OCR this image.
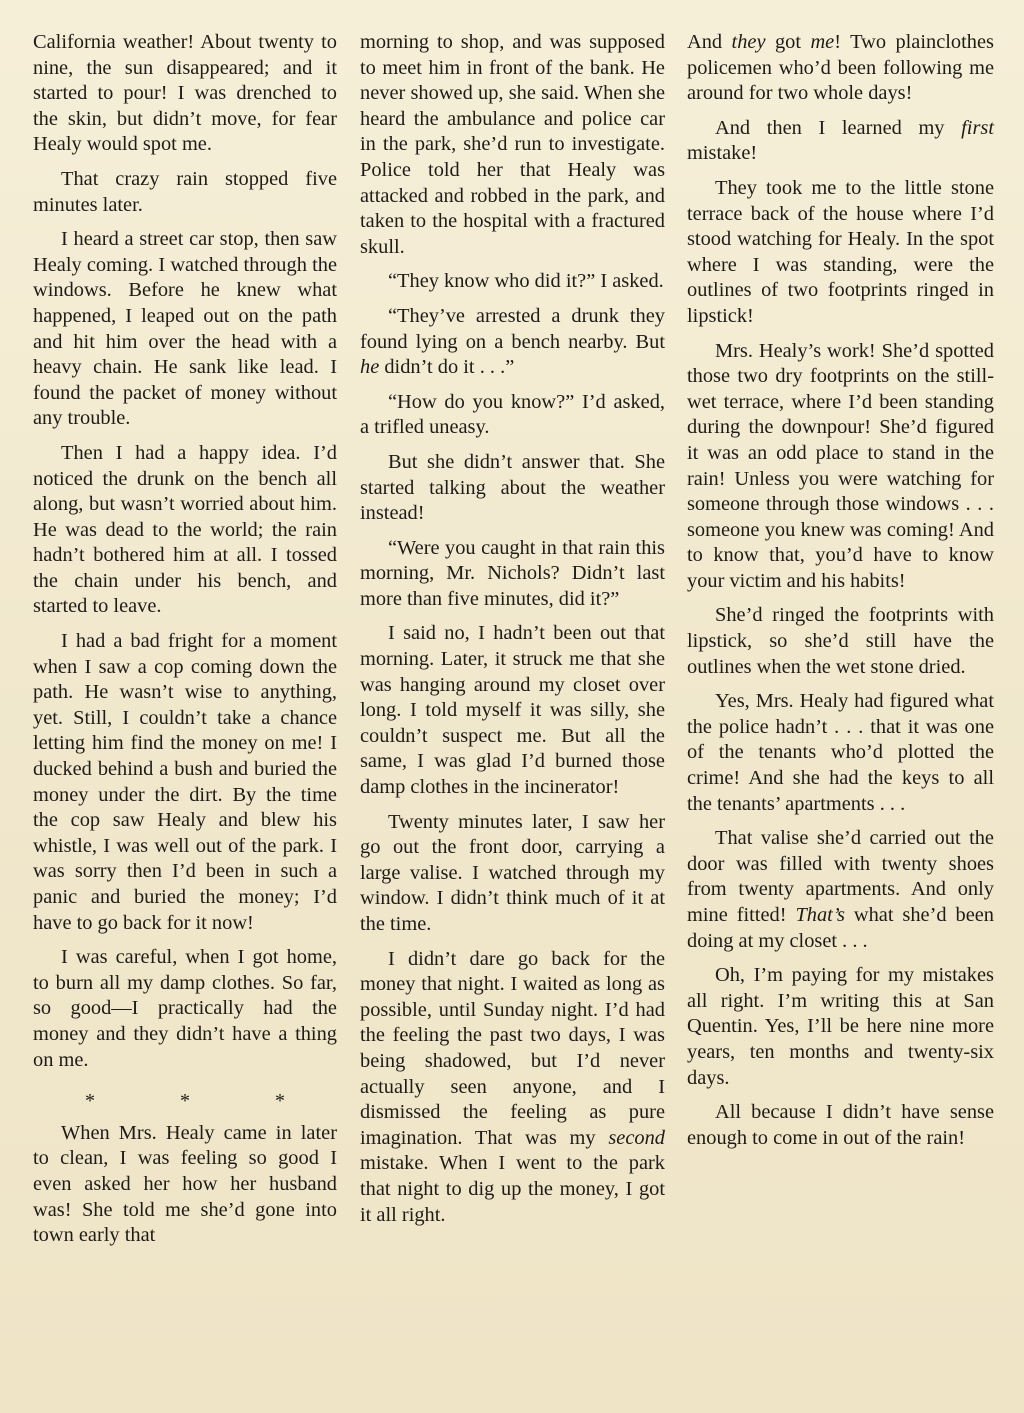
California weather! About twenty to nine, the sun disappeared; and it started to pour! I was drenched to the skin, but didn’t move, for fear Healy would spot me.

That crazy rain stopped five minutes later.

I heard a street car stop, then saw Healy coming. I watched through the windows. Before he knew what happened, I leaped out on the path and hit him over the head with a heavy chain. He sank like lead. I found the packet of money without any trouble.

Then I had a happy idea. I’d noticed the drunk on the bench all along, but wasn’t worried about him. He was dead to the world; the rain hadn’t bothered him at all. I tossed the chain under his bench, and started to leave.

I had a bad fright for a moment when I saw a cop coming down the path. He wasn’t wise to anything, yet. Still, I couldn’t take a chance letting him find the money on me! I ducked behind a bush and buried the money under the dirt. By the time the cop saw Healy and blew his whistle, I was well out of the park. I was sorry then I’d been in such a panic and buried the money; I’d have to go back for it now!

I was careful, when I got home, to burn all my damp clothes. So far, so good—I practically had the money and they didn’t have a thing on me.

* * *

When Mrs. Healy came in later to clean, I was feeling so good I even asked her how her husband was! She told me she’d gone into town early that

morning to shop, and was supposed to meet him in front of the bank. He never showed up, she said. When she heard the ambulance and police car in the park, she’d run to investigate. Police told her that Healy was attacked and robbed in the park, and taken to the hospital with a fractured skull.

“They know who did it?” I asked.

“They’ve arrested a drunk they found lying on a bench nearby. But he didn’t do it . . .”

“How do you know?” I’d asked, a trifled uneasy.

But she didn’t answer that. She started talking about the weather instead!

“Were you caught in that rain this morning, Mr. Nichols? Didn’t last more than five minutes, did it?”

I said no, I hadn’t been out that morning. Later, it struck me that she was hanging around my closet over long. I told myself it was silly, she couldn’t suspect me. But all the same, I was glad I’d burned those damp clothes in the incinerator!

Twenty minutes later, I saw her go out the front door, carrying a large valise. I watched through my window. I didn’t think much of it at the time.

I didn’t dare go back for the money that night. I waited as long as possible, until Sunday night. I’d had the feeling the past two days, I was being shadowed, but I’d never actually seen anyone, and I dismissed the feeling as pure imagination. That was my second mistake. When I went to the park that night to dig up the money, I got it all right.

And they got me! Two plainclothes policemen who’d been following me around for two whole days!

And then I learned my first mistake!

They took me to the little stone terrace back of the house where I’d stood watching for Healy. In the spot where I was standing, were the outlines of two footprints ringed in lipstick!

Mrs. Healy’s work! She’d spotted those two dry footprints on the still-wet terrace, where I’d been standing during the downpour! She’d figured it was an odd place to stand in the rain! Unless you were watching for someone through those windows . . . someone you knew was coming! And to know that, you’d have to know your victim and his habits!

She’d ringed the footprints with lipstick, so she’d still have the outlines when the wet stone dried.

Yes, Mrs. Healy had figured what the police hadn’t . . . that it was one of the tenants who’d plotted the crime! And she had the keys to all the tenants’ apartments . . .

That valise she’d carried out the door was filled with twenty shoes from twenty apartments. And only mine fitted! That’s what she’d been doing at my closet . . .

Oh, I’m paying for my mistakes all right. I’m writing this at San Quentin. Yes, I’ll be here nine more years, ten months and twenty-six days.

All because I didn’t have sense enough to come in out of the rain!
